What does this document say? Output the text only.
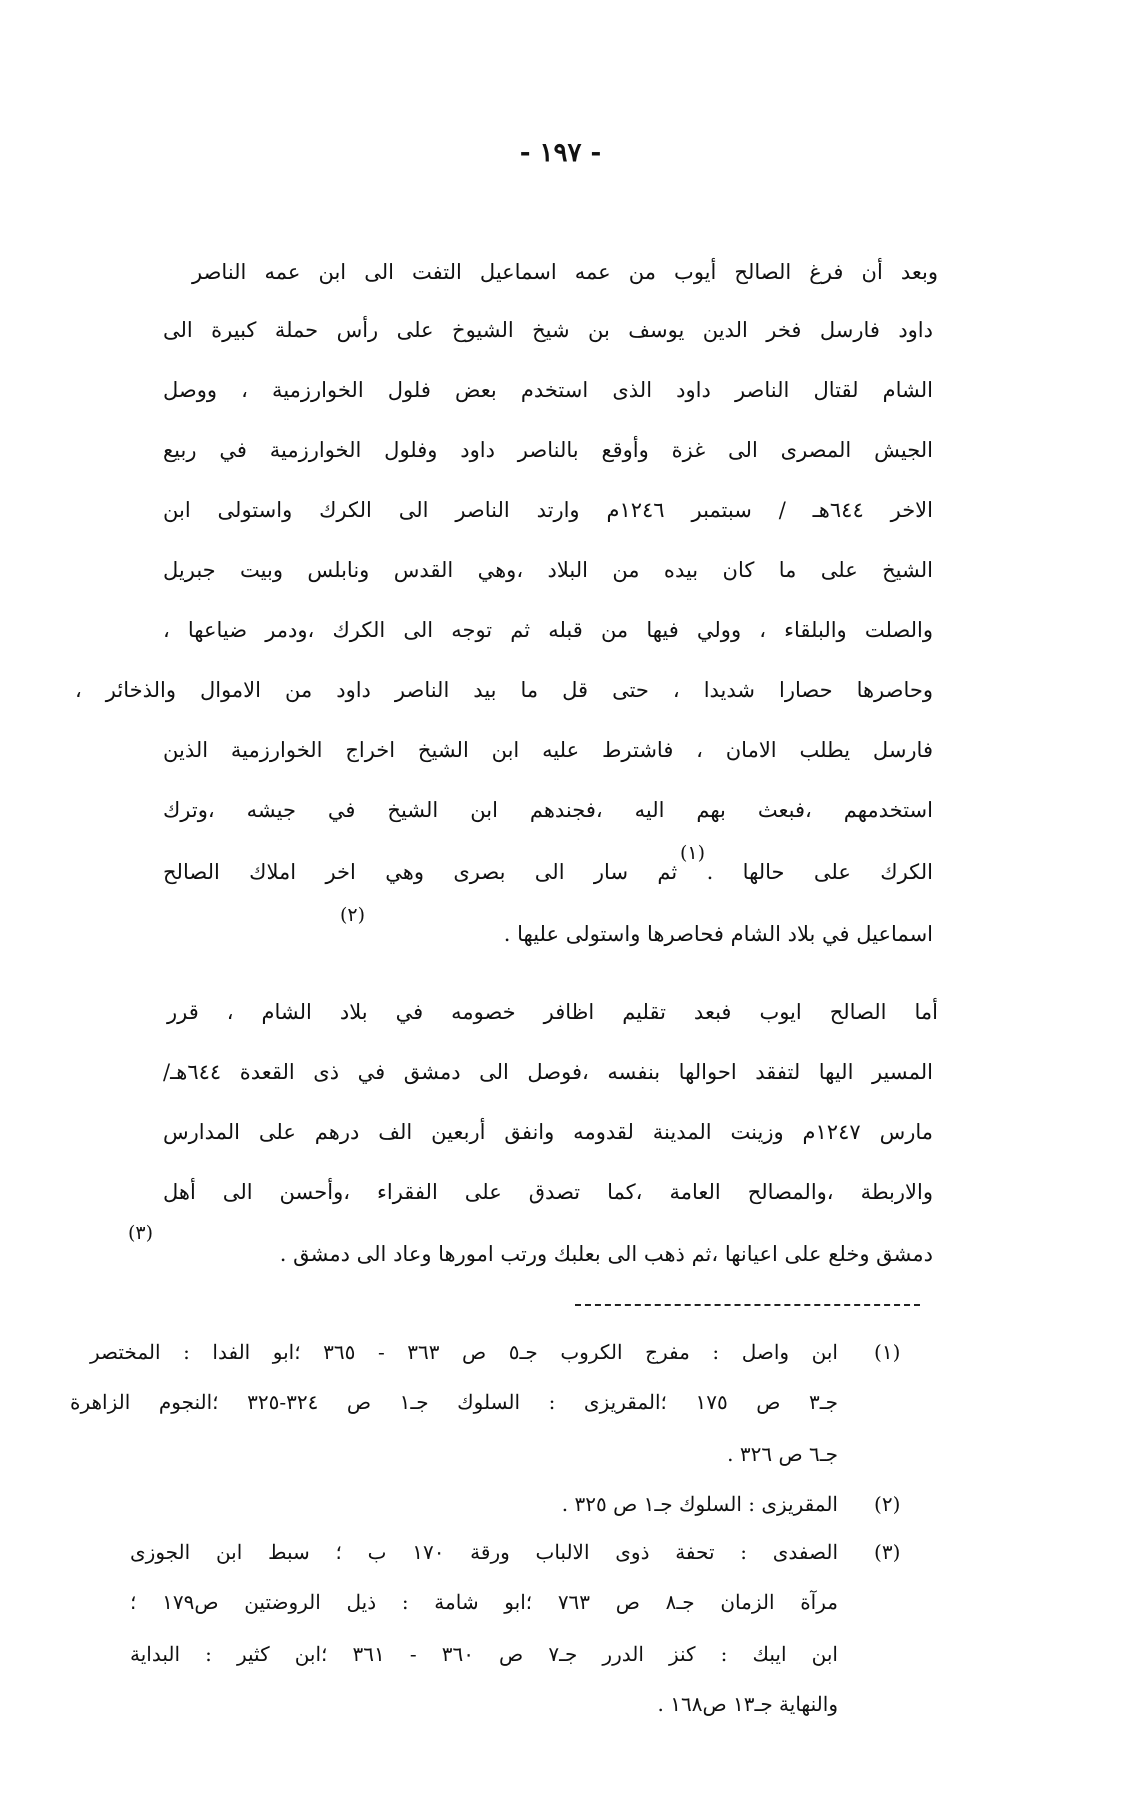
- ١٩٧ -
وبعد أن فرغ الصالح أيوب من عمه اسماعيل التفت الى ابن عمه الناصر
داود فارسل فخر الدين يوسف بن شيخ الشيوخ على رأس حملة كبيرة الى
الشام لقتال الناصر داود الذى استخدم بعض فلول الخوارزمية ، ووصل
الجيش المصرى الى غزة وأوقع بالناصر داود وفلول الخوارزمية في ربيع
الاخر ٦٤٤هـ / سبتمبر ١٢٤٦م وارتد الناصر الى الكرك واستولى ابن
الشيخ على ما كان بيده من البلاد ،وهي القدس ونابلس وبيت جبريل
والصلت والبلقاء ، وولي فيها من قبله ثم توجه الى الكرك ،ودمر ضياعها ،
وحاصرها حصارا شديدا ، حتى قل ما بيد الناصر داود من الاموال والذخائر ،
فارسل يطلب الامان ، فاشترط عليه ابن الشيخ اخراج الخوارزمية الذين
استخدمهم ،فبعث بهم اليه ،فجندهم ابن الشيخ في جيشه ،وترك
الكرك على حالها . ثم سار الى بصرى وهي اخر املاك الصالح
اسماعيل في بلاد الشام فحاصرها واستولى عليها .
(١)
(٢)
أما الصالح ايوب فبعد تقليم اظافر خصومه في بلاد الشام ، قرر
المسير اليها لتفقد احوالها بنفسه ،فوصل الى دمشق في ذى القعدة ٦٤٤هـ/
مارس ١٢٤٧م وزينت المدينة لقدومه وانفق أربعين الف درهم على المدارس
والاربطة ،والمصالح العامة ،كما تصدق على الفقراء ،وأحسن الى أهل
دمشق وخلع على اعيانها ،ثم ذهب الى بعلبك ورتب امورها وعاد الى دمشق .
(٣)
(١)
ابن واصل : مفرج الكروب جـ٥ ص ٣٦٣ - ٣٦٥ ؛ابو الفدا : المختصر
جـ٣ ص ١٧٥ ؛المقريزى : السلوك جـ١ ص ٣٢٤-٣٢٥ ؛النجوم الزاهرة
جـ٦ ص ٣٢٦ .
(٢)
المقريزى : السلوك جـ١ ص ٣٢٥ .
(٣)
الصفدى : تحفة ذوى الالباب ورقة ١٧٠ ب ؛ سبط ابن الجوزى
مرآة الزمان جـ٨ ص ٧٦٣ ؛ابو شامة : ذيل الروضتين ص١٧٩ ؛
ابن ايبك : كنز الدرر جـ٧ ص ٣٦٠ - ٣٦١ ؛ابن كثير : البداية
والنهاية جـ١٣ ص١٦٨ .
